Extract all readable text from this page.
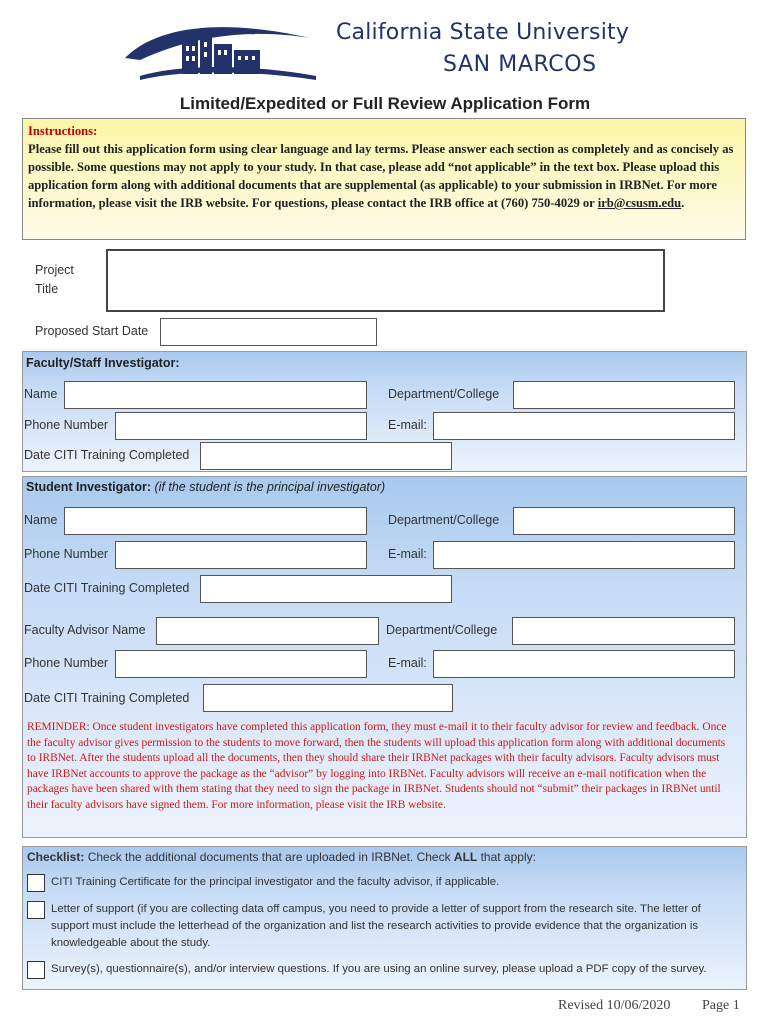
California State University
SAN MARCOS
Limited/Expedited or Full Review Application Form
Instructions:
Please fill out this application form using clear language and lay terms. Please answer each section as completely and as concisely as possible. Some questions may not apply to your study. In that case, please add “not applicable” in the text box. Please upload this application form along with additional documents that are supplemental (as applicable) to your submission in IRBNet. For more information, please visit the IRB website. For questions, please contact the IRB office at (760) 750-4029 or irb@csusm.edu.
Project
Title
Proposed Start Date
Faculty/Staff Investigator:
Name	Department/College
Phone Number	E-mail:
Date CITI Training Completed
Student Investigator: (if the student is the principal investigator)
Name	Department/College
Phone Number	E-mail:
Date CITI Training Completed
Faculty Advisor Name	Department/College
Phone Number	E-mail:
Date CITI Training Completed
REMINDER: Once student investigators have completed this application form, they must e-mail it to their faculty advisor for review and feedback. Once the faculty advisor gives permission to the students to move forward, then the students will upload this application form along with additional documents to IRBNet. After the students upload all the documents, then they should share their IRBNet packages with their faculty advisors. Faculty advisors must have IRBNet accounts to approve the package as the “advisor” by logging into IRBNet. Faculty advisors will receive an e-mail notification when the packages have been shared with them stating that they need to sign the package in IRBNet. Students should not “submit” their packages in IRBNet until their faculty advisors have signed them. For more information, please visit the IRB website.
Checklist: Check the additional documents that are uploaded in IRBNet. Check ALL that apply:
CITI Training Certificate for the principal investigator and the faculty advisor, if applicable.
Letter of support (if you are collecting data off campus, you need to provide a letter of support from the research site. The letter of support must include the letterhead of the organization and list the research activities to provide evidence that the organization is knowledgeable about the study.
Survey(s), questionnaire(s), and/or interview questions. If you are using an online survey, please upload a PDF copy of the survey.
Revised 10/06/2020 Page 1
